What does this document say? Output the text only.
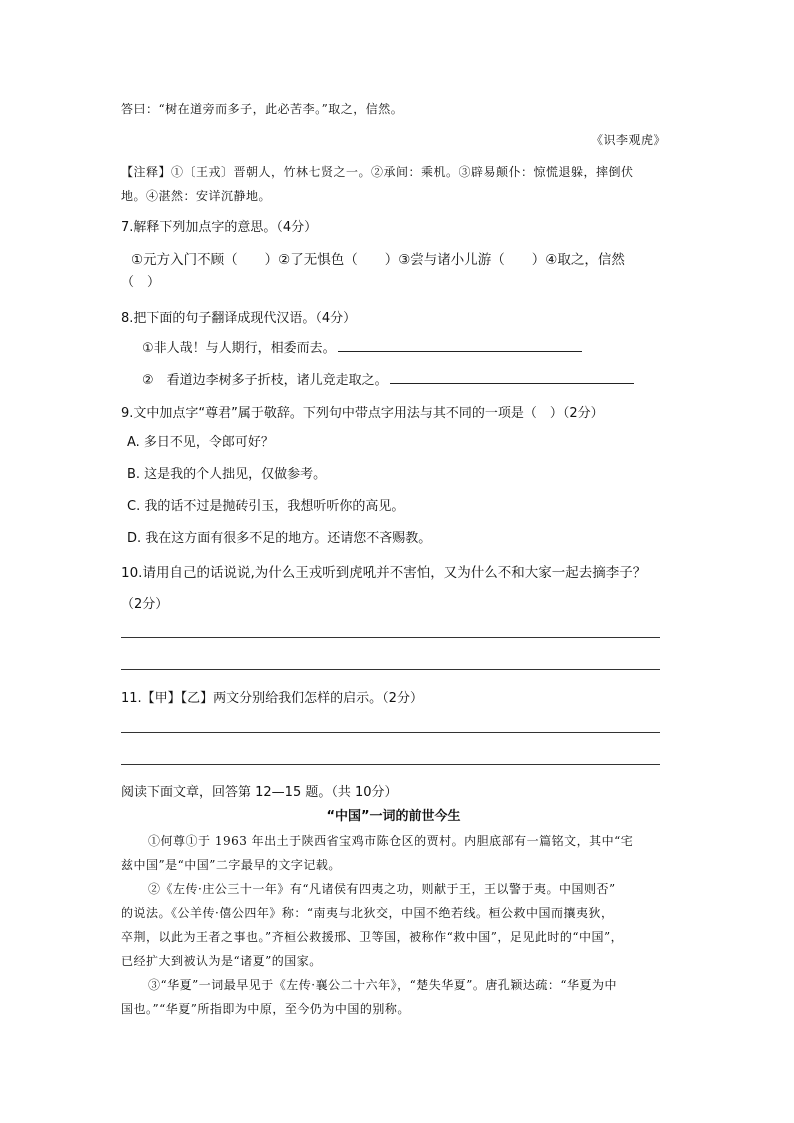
答曰：“树在道旁而多子，此必苦李。”取之，信然。
《识李观虎》
【注释】①〔王戎〕晋朝人，竹林七贤之一。②承间：乘机。③辟易颠仆：惊慌退躲，摔倒伏
地。④湛然：安详沉静地。
7.解释下列加点字的意思。（4分）
①元方入门不顾（　　）②了无惧色（　　）③尝与诸小儿游（　　）④取之，信然
（　）
8.把下面的句子翻译成现代汉语。（4分）
①非人哉！与人期行，相委而去。
②　看道边李树多子折枝，诸儿竞走取之。
9.文中加点字“尊君”属于敬辞。下列句中带点字用法与其不同的一项是（　）（2分）
A. 多日不见，令郎可好？
B. 这是我的个人拙见，仅做参考。
C. 我的话不过是抛砖引玉，我想听听你的高见。
D. 我在这方面有很多不足的地方。还请您不吝赐教。
10.请用自己的话说说,为什么王戎听到虎吼并不害怕，又为什么不和大家一起去摘李子？
（2分）
11.【甲】【乙】两文分别给我们怎样的启示。（2分）
阅读下面文章，回答第 12—15 题。（共 10分）
“中国”一词的前世今生
①何尊①于 1963 年出土于陕西省宝鸡市陈仓区的贾村。内胆底部有一篇铭文，其中“宅
兹中国”是“中国”二字最早的文字记载。
②《左传·庄公三十一年》有“凡诸侯有四夷之功，则献于王，王以警于夷。中国则否”
的说法。《公羊传·僖公四年》称：“南夷与北狄交，中国不绝若线。桓公救中国而攘夷狄，
卒荆，以此为王者之事也。”齐桓公救援邢、卫等国，被称作“救中国”，足见此时的“中国”，
已经扩大到被认为是“诸夏”的国家。
③“华夏”一词最早见于《左传·襄公二十六年》，“楚失华夏”。唐孔颖达疏：“华夏为中
国也。”“华夏”所指即为中原，至今仍为中国的别称。
